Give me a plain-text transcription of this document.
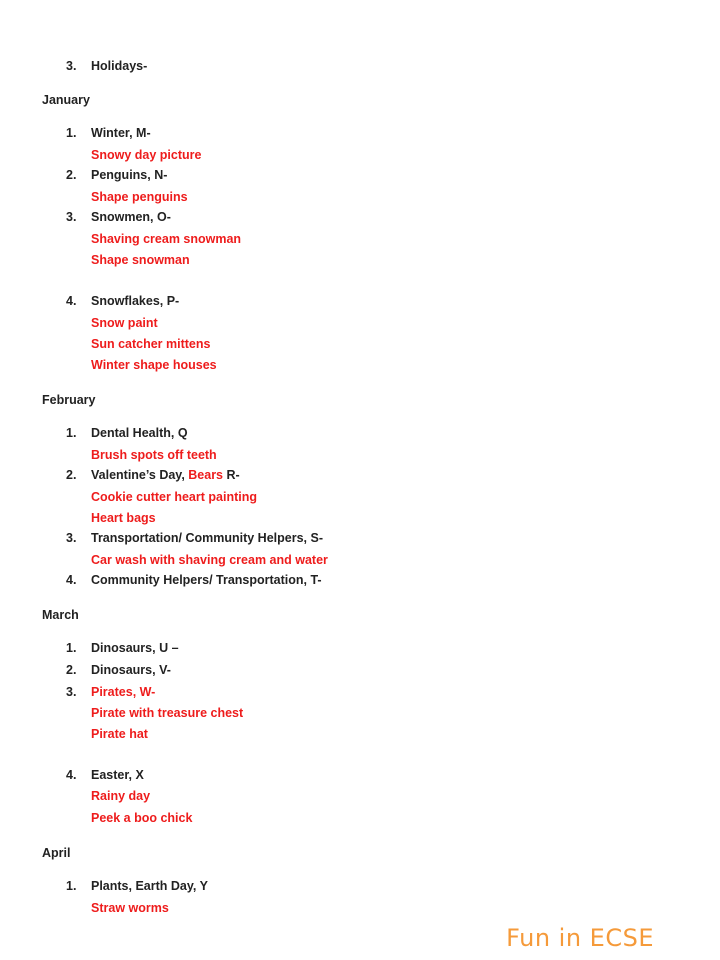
3. Holidays-
January
1. Winter, M-
Snowy day picture
2. Penguins, N-
Shape penguins
3. Snowmen, O-
Shaving cream snowman
Shape snowman
4. Snowflakes, P-
Snow paint
Sun catcher mittens
Winter shape houses
February
1. Dental Health, Q
Brush spots off teeth
2. Valentine’s Day, Bears R-
Cookie cutter heart painting
Heart bags
3. Transportation/ Community Helpers, S-
Car wash with shaving cream and water
4. Community Helpers/ Transportation, T-
March
1. Dinosaurs, U –
2. Dinosaurs, V-
3. Pirates, W-
Pirate with treasure chest
Pirate hat
4. Easter, X
Rainy day
Peek a boo chick
April
1. Plants, Earth Day, Y
Straw worms
Fun in ECSE
